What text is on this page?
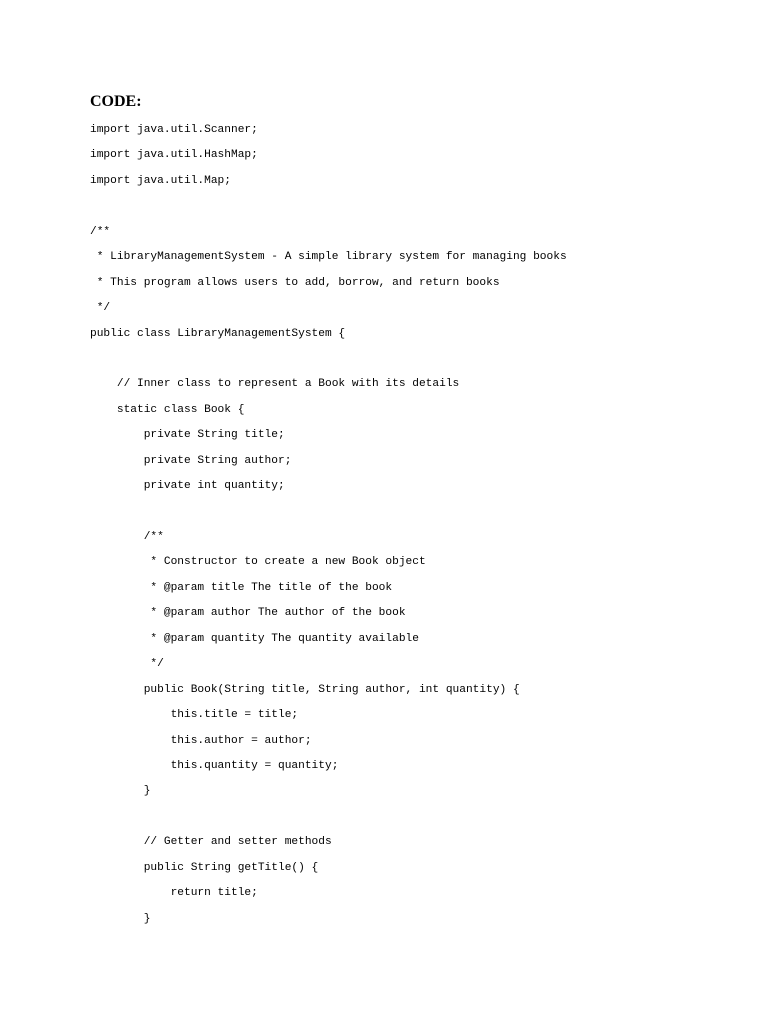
CODE:
import java.util.Scanner;
import java.util.HashMap;
import java.util.Map;
/**
* LibraryManagementSystem - A simple library system for managing books
* This program allows users to add, borrow, and return books
*/
public class LibraryManagementSystem {
// Inner class to represent a Book with its details
static class Book {
private String title;
private String author;
private int quantity;
/**
* Constructor to create a new Book object
* @param title The title of the book
* @param author The author of the book
* @param quantity The quantity available
*/
public Book(String title, String author, int quantity) {
this.title = title;
this.author = author;
this.quantity = quantity;
}
// Getter and setter methods
public String getTitle() {
return title;
}
